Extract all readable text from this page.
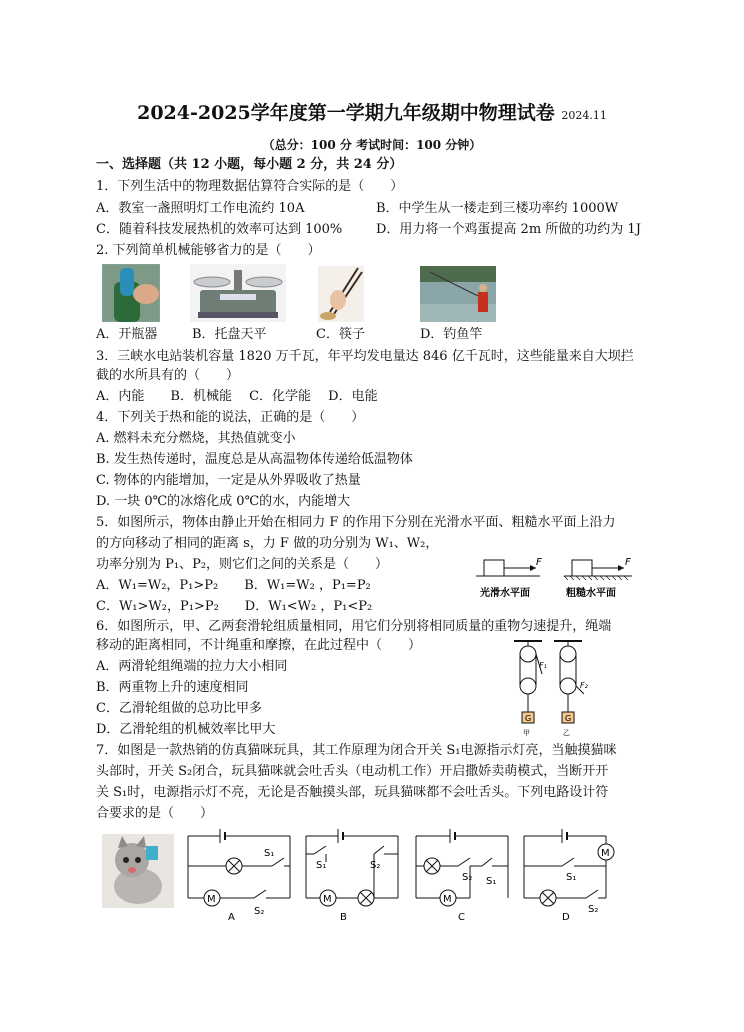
2024-2025学年度第一学期九年级期中物理试卷 2024.11
（总分：100 分 考试时间：100 分钟）
一、选择题（共 12 小题，每小题 2 分，共 24 分）
1．下列生活中的物理数据估算符合实际的是（　　）
A．教室一盏照明灯工作电流约 10A	B．中学生从一楼走到三楼功率约 1000W
C．随着科技发展热机的效率可达到 100%	D．用力将一个鸡蛋提高 2m 所做的功约为 1J
2. 下列简单机械能够省力的是（　　）
A．开瓶器	B．托盘天平	C．筷子	D．钓鱼竿
3．三峡水电站装机容量 1820 万千瓦，年平均发电量达 846 亿千瓦时，这些能量来自大坝拦
截的水所具有的（　　）
A．内能　　B．机械能　 C．化学能　 D．电能
4．下列关于热和能的说法，正确的是（　　）
A. 燃料未充分燃烧，其热值就变小
B. 发生热传递时，温度总是从高温物体传递给低温物体
C. 物体的内能增加，一定是从外界吸收了热量
D. 一块 0℃的冰熔化成 0℃的水，内能增大
5．如图所示，物体由静止开始在相同力 F 的作用下分别在光滑水平面、粗糙水平面上沿力
的方向移动了相同的距离 s，力 F 做的功分别为 W₁、W₂，
功率分别为 P₁、P₂，则它们之间的关系是（　　）
A．W₁=W₂，P₁>P₂　　B．W₁=W₂ ，P₁=P₂
C．W₁>W₂，P₁>P₂　　D．W₁<W₂ ，P₁<P₂
F
光滑水平面
F
粗糙水平面
6．如图所示，甲、乙两套滑轮组质量相同，用它们分别将相同质量的重物匀速提升，绳端
移动的距离相同，不计绳重和摩擦，在此过程中（　　）
A．两滑轮组绳端的拉力大小相同
B．两重物上升的速度相同
C．乙滑轮组做的总功比甲多
D．乙滑轮组的机械效率比甲大
F₁
G
甲
F₂
G
乙
7．如图是一款热销的仿真猫咪玩具，其工作原理为闭合开关 S₁电源指示灯亮，当触摸猫咪
头部时，开关 S₂闭合，玩具猫咪就会吐舌头（电动机工作）开启撒娇卖萌模式，当断开开
关 S₁时，电源指示灯不亮，无论是否触摸头部，玩具猫咪都不会吐舌头。下列电路设计符
合要求的是（　　）
S₁
M
S₂
A
S₁	S₂
M
B
S₂ S₁
M
C
M
S₁
S₂
D
